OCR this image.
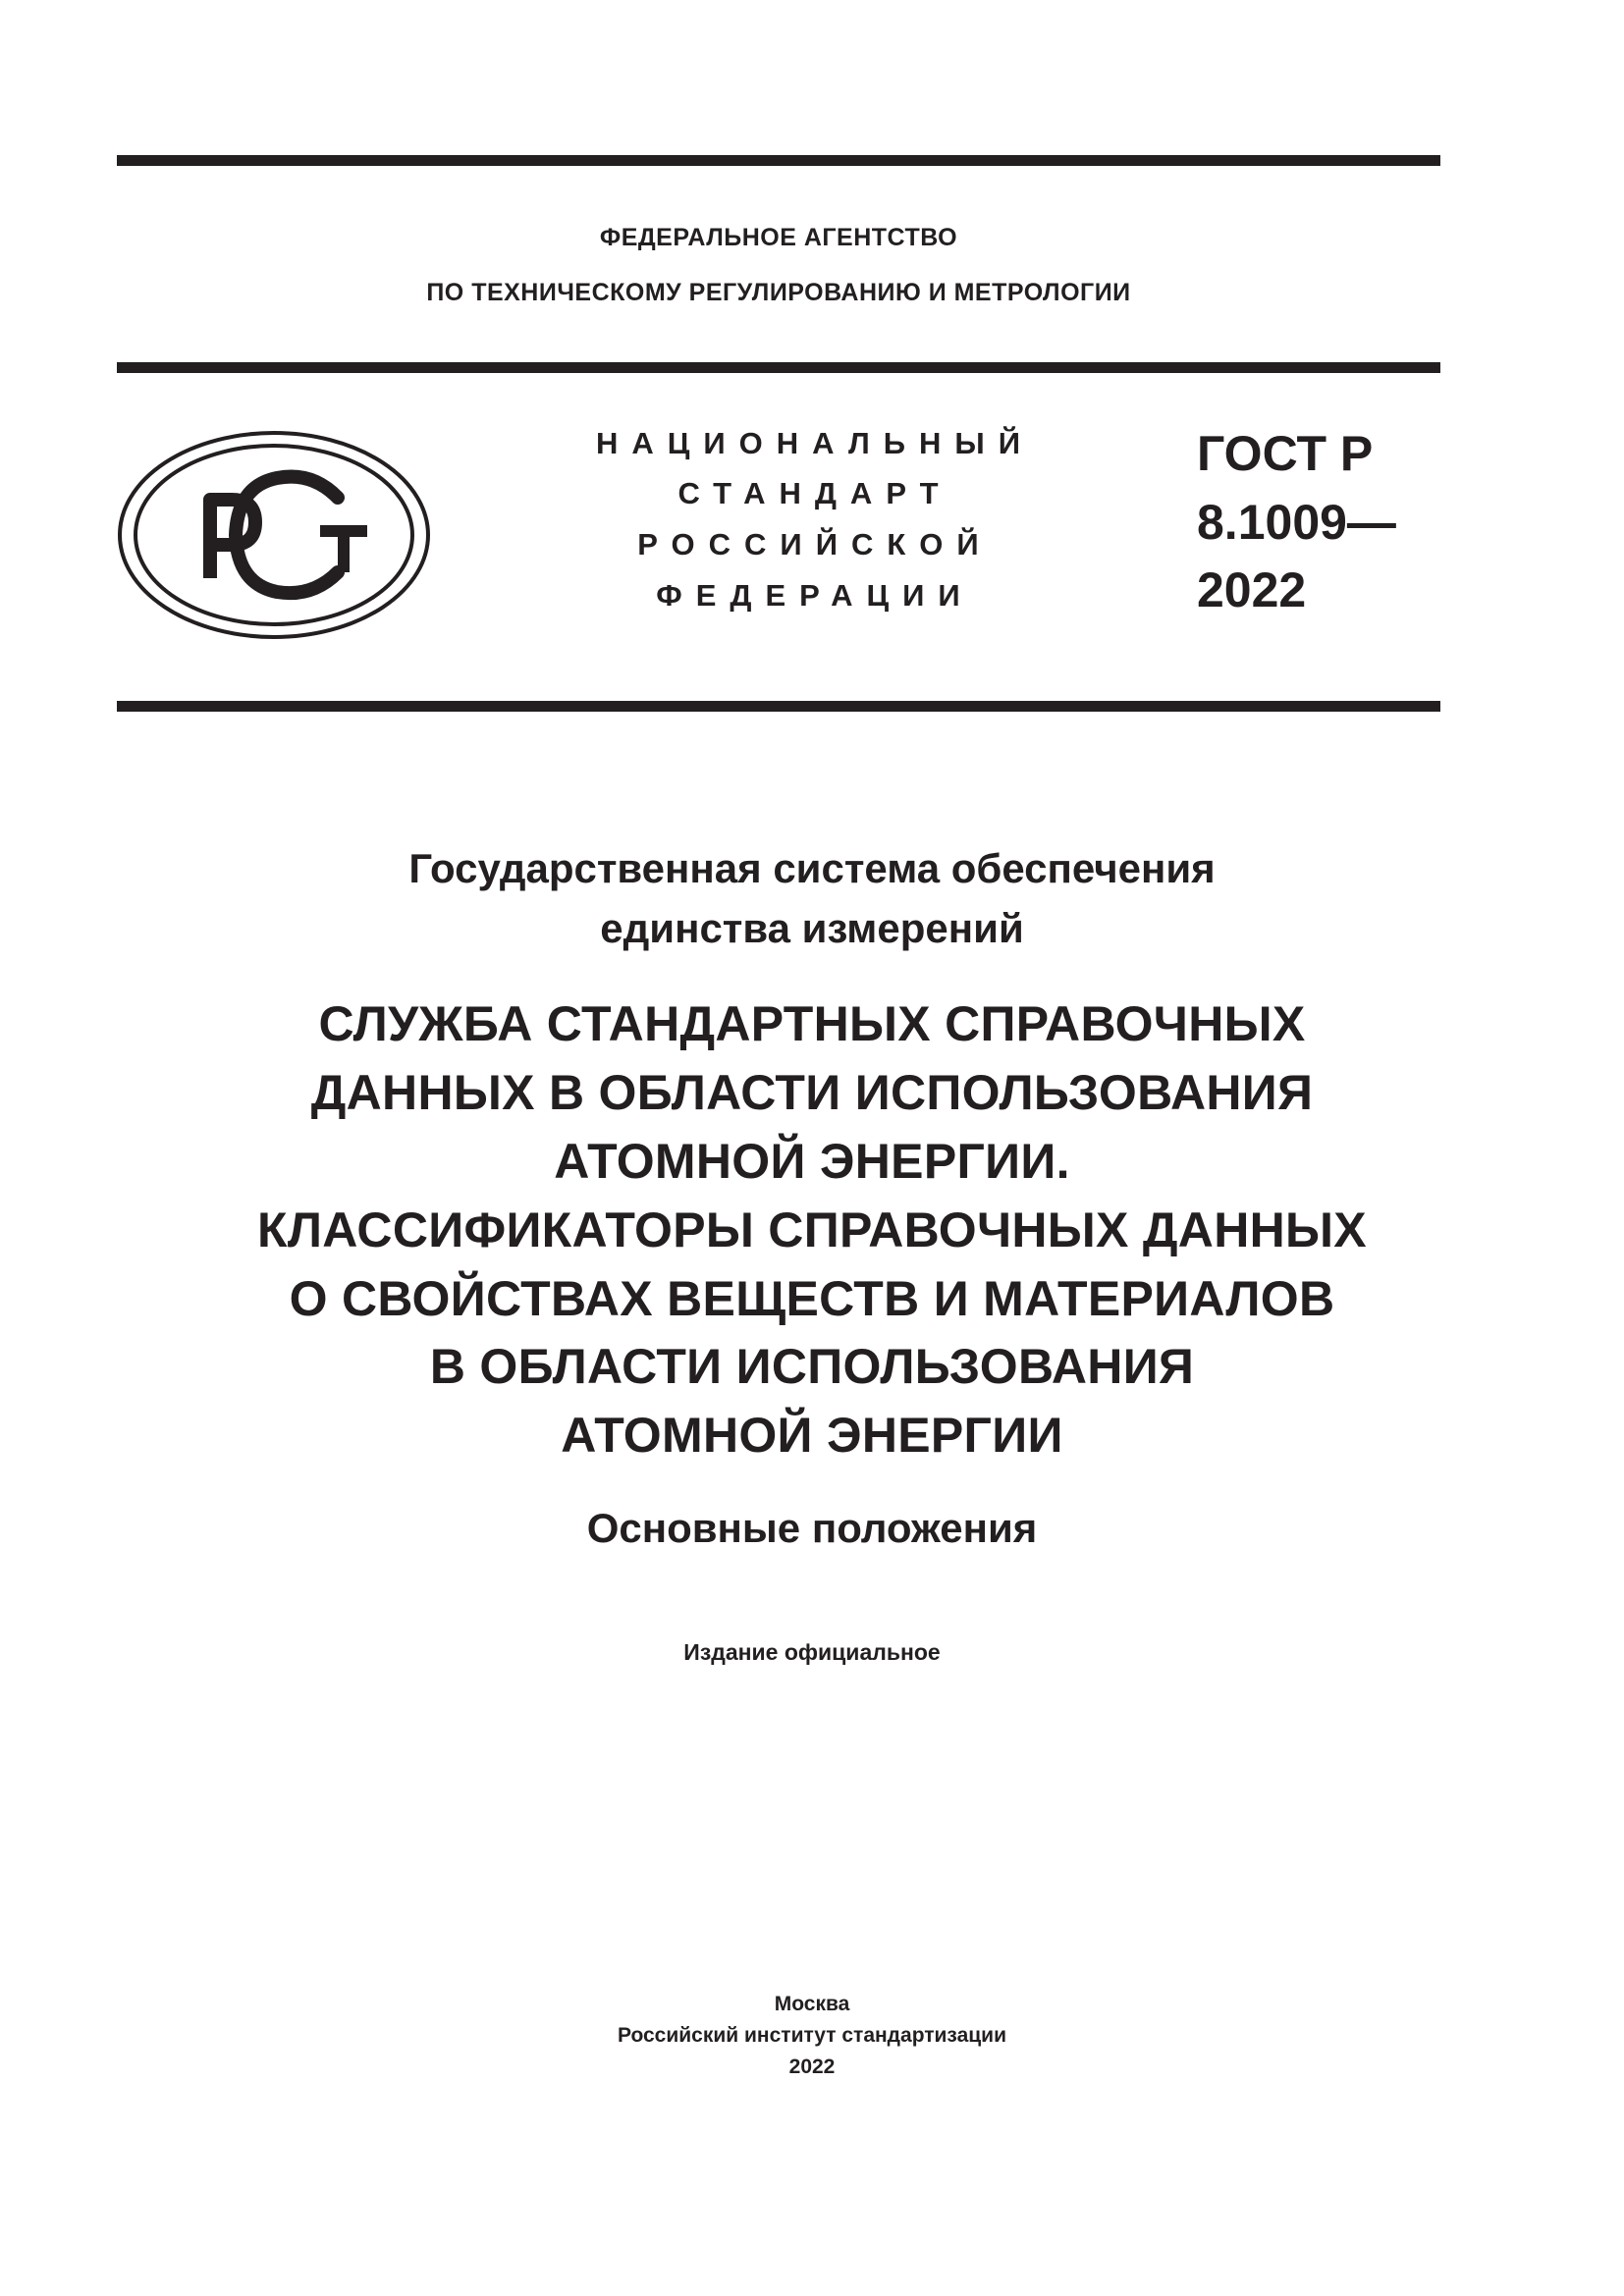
ФЕДЕРАЛЬНОЕ АГЕНТСТВО
ПО ТЕХНИЧЕСКОМУ РЕГУЛИРОВАНИЮ И МЕТРОЛОГИИ
НАЦИОНАЛЬНЫЙ
СТАНДАРТ
РОССИЙСКОЙ
ФЕДЕРАЦИИ
ГОСТ Р
8.1009—
2022
Государственная система обеспечения
единства измерений
СЛУЖБА СТАНДАРТНЫХ СПРАВОЧНЫХ
ДАННЫХ В ОБЛАСТИ ИСПОЛЬЗОВАНИЯ
АТОМНОЙ ЭНЕРГИИ.
КЛАССИФИКАТОРЫ СПРАВОЧНЫХ ДАННЫХ
О СВОЙСТВАХ ВЕЩЕСТВ И МАТЕРИАЛОВ
В ОБЛАСТИ ИСПОЛЬЗОВАНИЯ
АТОМНОЙ ЭНЕРГИИ
Основные положения
Издание официальное
Москва
Российский институт стандартизации
2022
